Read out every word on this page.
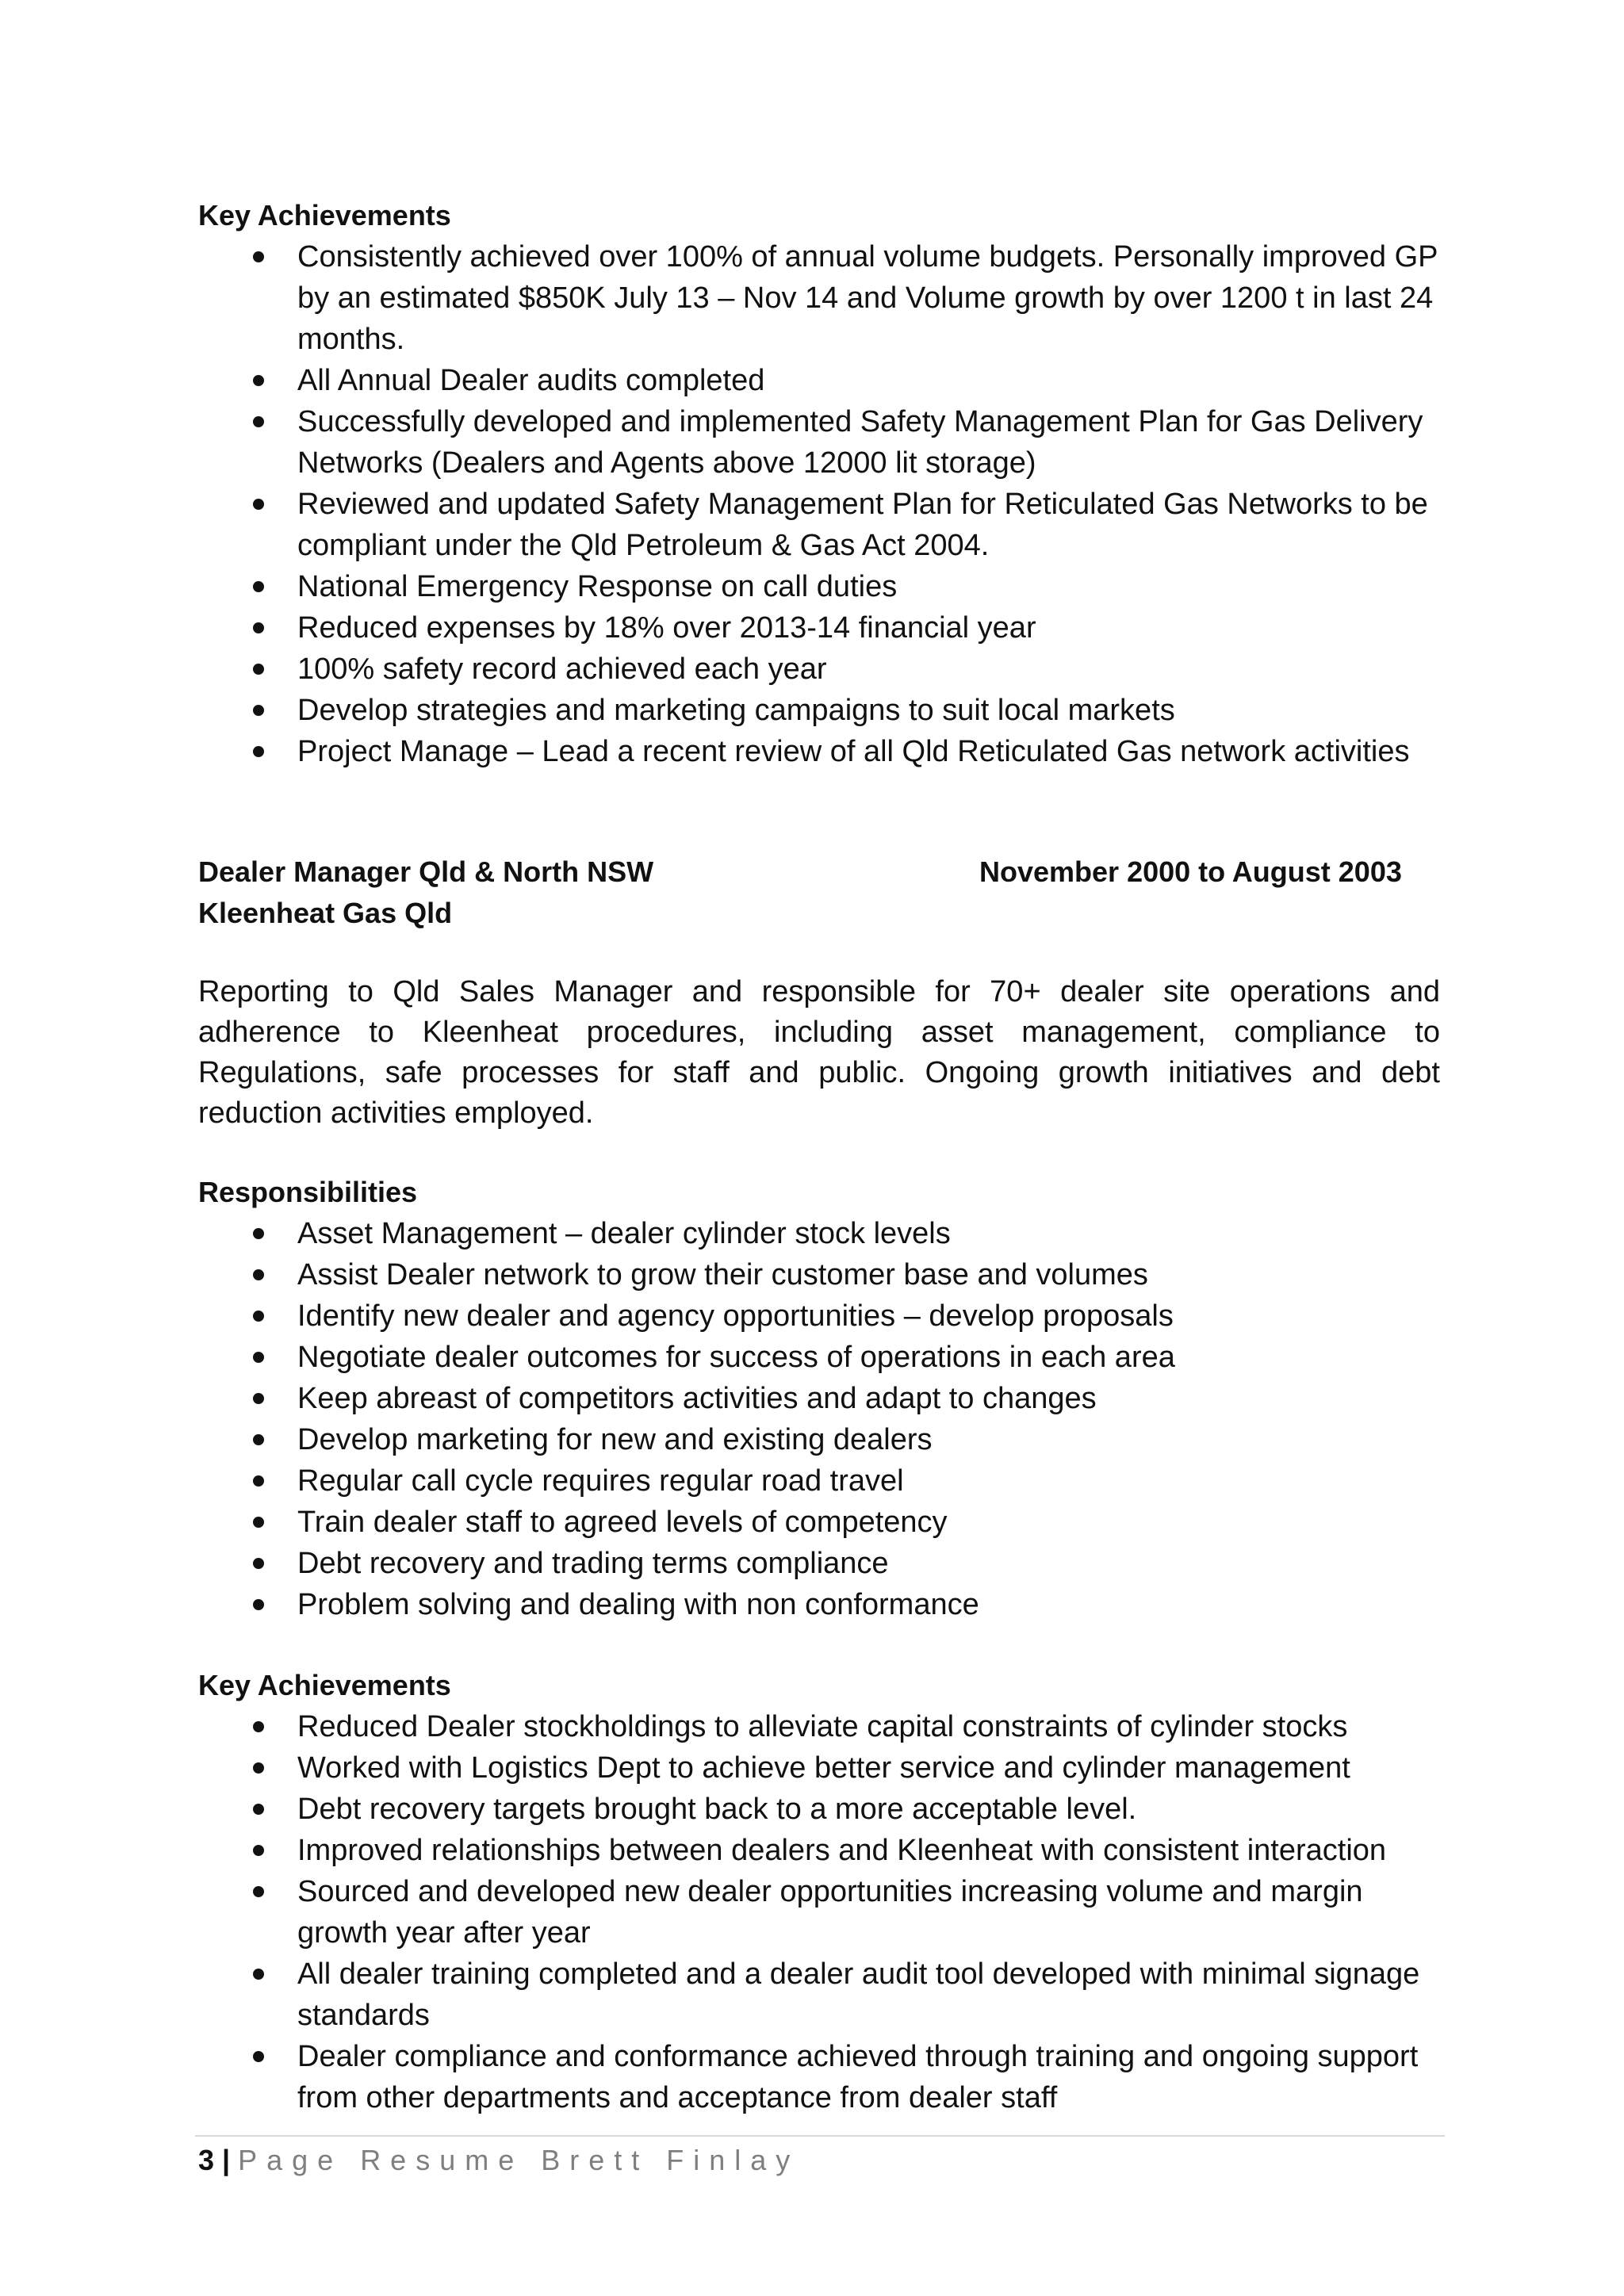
Key Achievements

Consistently achieved over 100% of annual volume budgets. Personally improved GP by an estimated $850K July 13 – Nov 14 and Volume growth by over 1200 t in last 24 months.
All Annual Dealer audits completed
Successfully developed and implemented Safety Management Plan for Gas Delivery Networks (Dealers and Agents above 12000 lit storage)
Reviewed and updated Safety Management Plan for Reticulated Gas Networks to be compliant under the Qld Petroleum & Gas Act 2004.
National Emergency Response on call duties
Reduced expenses by 18% over 2013-14 financial year
100% safety record achieved each year
Develop strategies and marketing campaigns to suit local markets
Project Manage – Lead a recent review of all Qld Reticulated Gas network activities
Dealer Manager Qld & North NSW	November 2000 to August 2003

Kleenheat Gas Qld

Reporting to Qld Sales Manager and responsible for 70+ dealer site operations and adherence to Kleenheat procedures, including asset management, compliance to Regulations, safe processes for staff and public. Ongoing growth initiatives and debt reduction activities employed.

Responsibilities

Asset Management – dealer cylinder stock levels
Assist Dealer network to grow their customer base and volumes
Identify new dealer and agency opportunities – develop proposals
Negotiate dealer outcomes for success of operations in each area
Keep abreast of competitors activities and adapt to changes
Develop marketing for new and existing dealers
Regular call cycle requires regular road travel
Train dealer staff to agreed levels of competency
Debt recovery and trading terms compliance
Problem solving and dealing with non conformance

Key Achievements

Reduced Dealer stockholdings to alleviate capital constraints of cylinder stocks
Worked with Logistics Dept to achieve better service and cylinder management
Debt recovery targets brought back to a more acceptable level.
Improved relationships between dealers and Kleenheat with consistent interaction
Sourced and developed new dealer opportunities increasing volume and margin growth year after year
All dealer training completed and a dealer audit tool developed with minimal signage standards
Dealer compliance and conformance achieved through training and ongoing support from other departments and acceptance from dealer staff
3 | Page Resume Brett Finlay
